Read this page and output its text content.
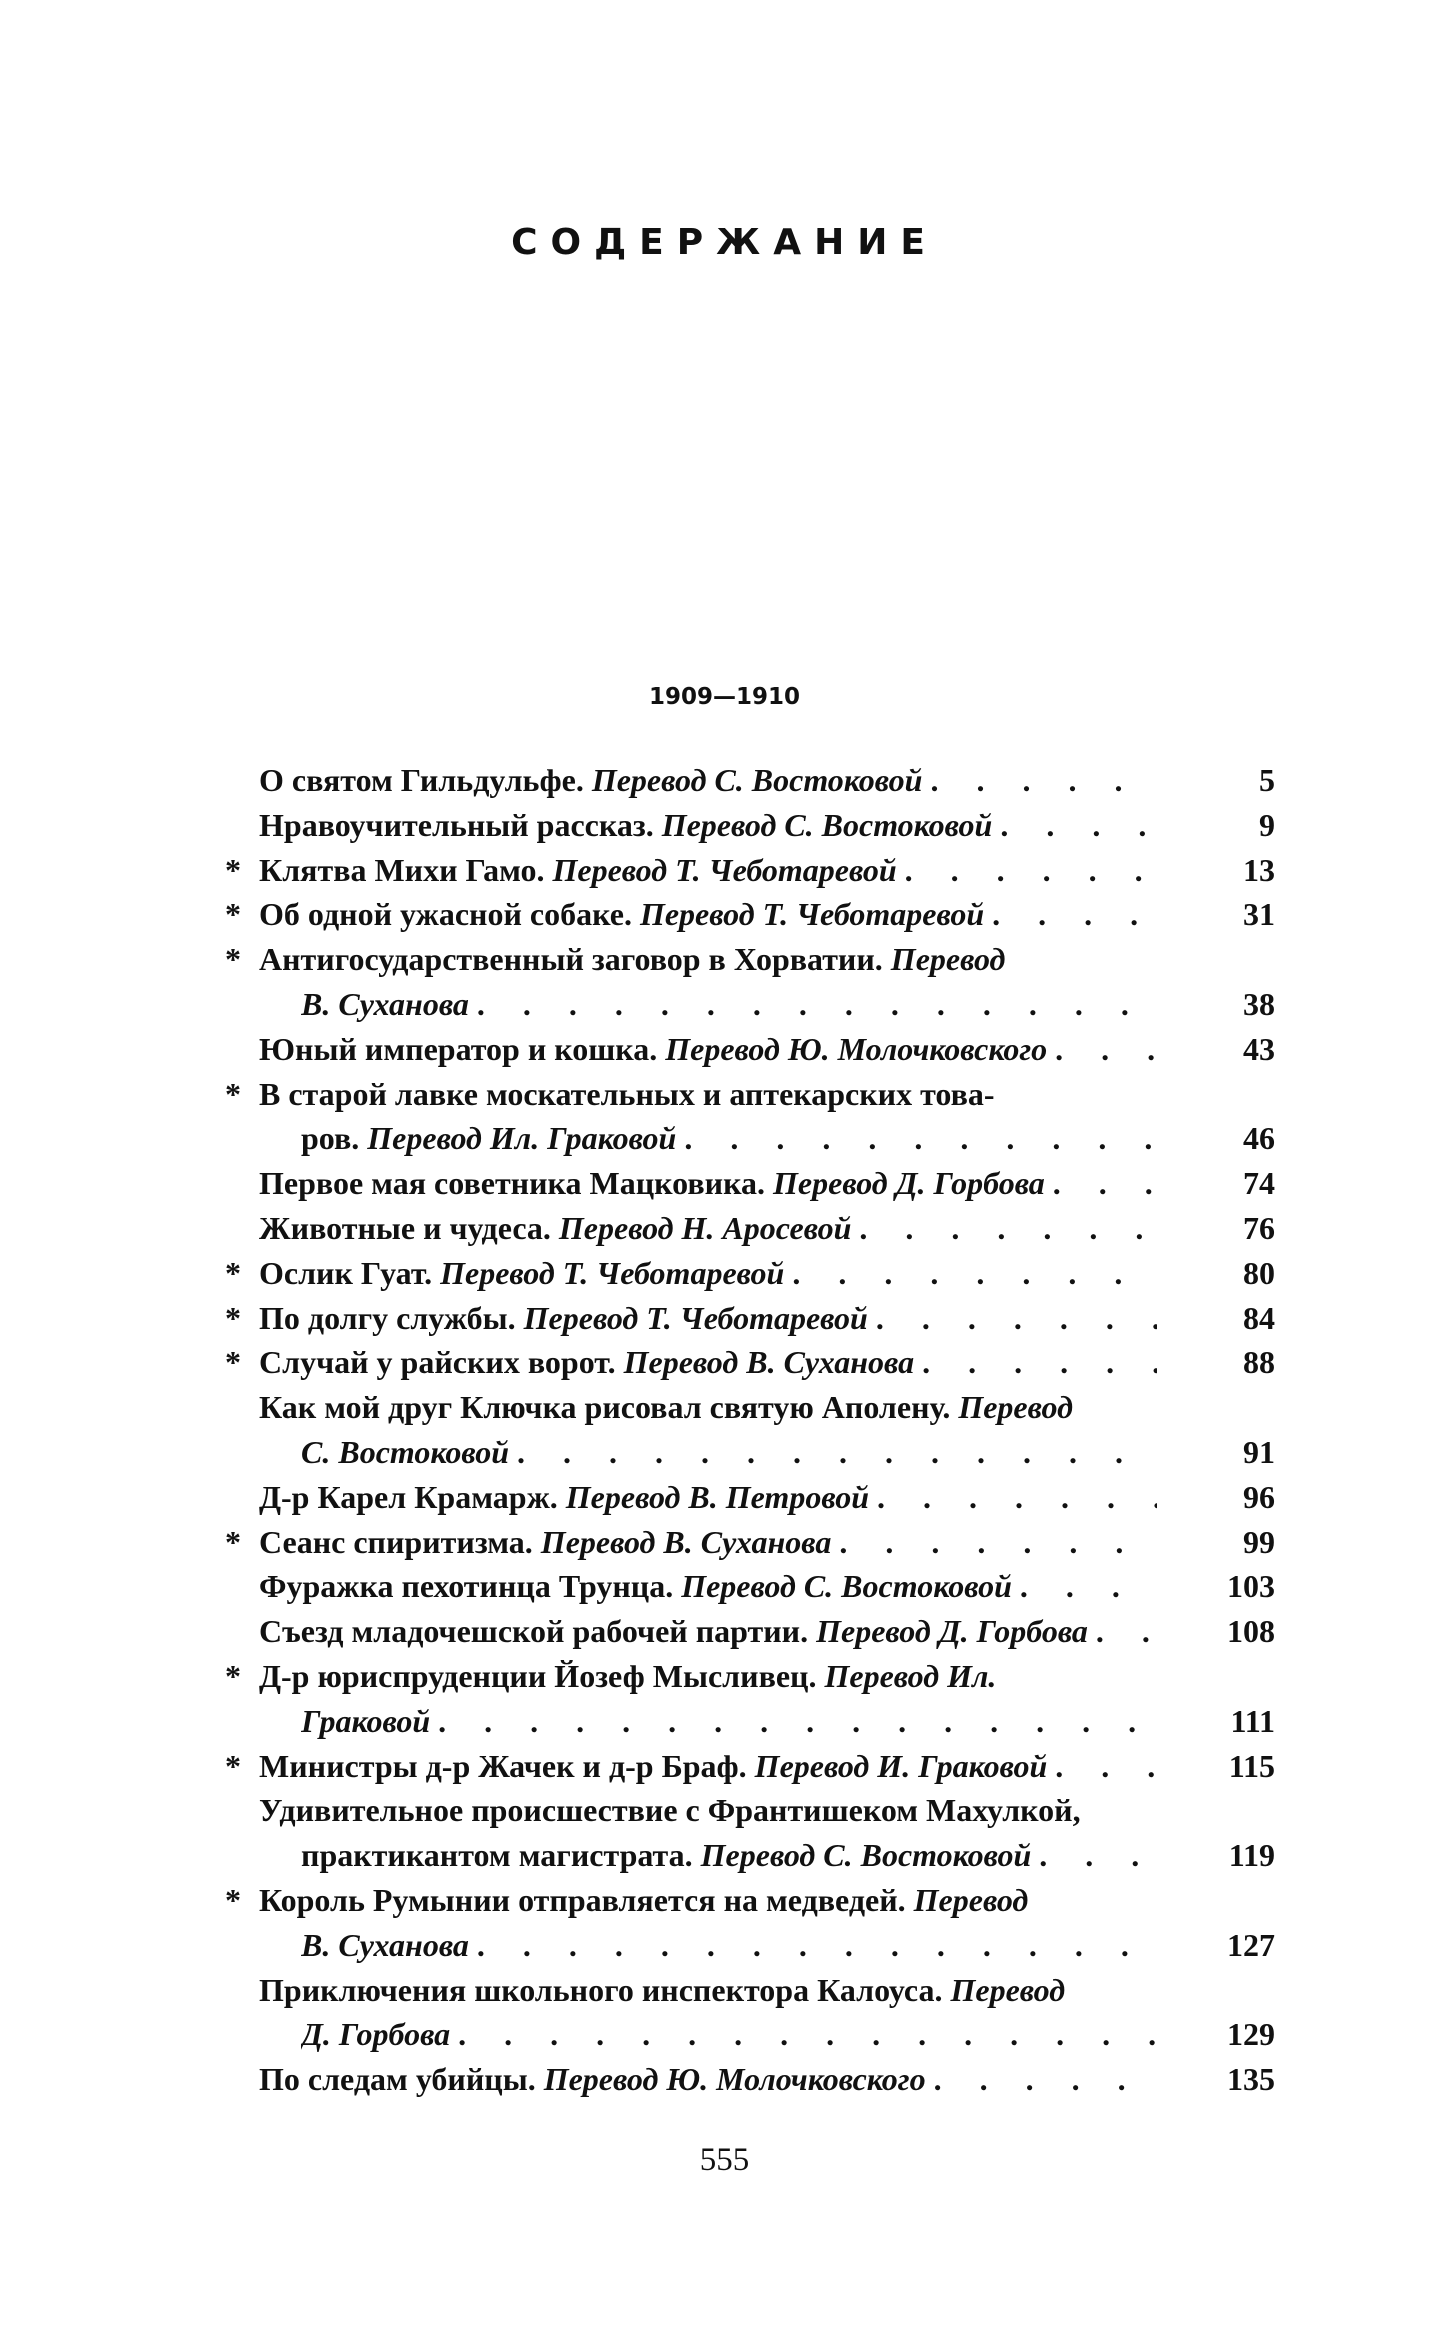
СОДЕРЖАНИЕ
1909—1910
О святом Гильдульфе. Перевод С. Востоковой . . .	5
Нравоучительный рассказ. Перевод С. Востоковой . . .	9
* Клятва Михи Гамо. Перевод Т. Чеботаревой . . .	13
* Об одной ужасной собаке. Перевод Т. Чеботаревой . . .	31
* Антигосударственный заговор в Хорватии. Перевод
В. Суханова . . .	38
Юный император и кошка. Перевод Ю. Молочковского . . .	43
* В старой лавке москательных и аптекарских това-
ров. Перевод Ил. Граковой . . .	46
Первое мая советника Мацковика. Перевод Д. Горбова . . .	74
Животные и чудеса. Перевод Н. Аросевой . . .	76
* Ослик Гуат. Перевод Т. Чеботаревой . . .	80
* По долгу службы. Перевод Т. Чеботаревой . . .	84
* Случай у райских ворот. Перевод В. Суханова . . .	88
Как мой друг Ключка рисовал святую Аполену. Перевод
С. Востоковой . . .	91
Д-р Карел Крамарж. Перевод В. Петровой . . .	96
* Сеанс спиритизма. Перевод В. Суханова . . .	99
Фуражка пехотинца Трунца. Перевод С. Востоковой . . .	103
Съезд младочешской рабочей партии. Перевод Д. Горбова . . .	108
* Д-р юриспруденции Йозеф Мысливец. Перевод Ил.
Граковой . . .	111
* Министры д-р Жачек и д-р Браф. Перевод И. Граковой . . .	115
Удивительное происшествие с Франтишеком Махулкой,
практикантом магистрата. Перевод С. Востоковой . . .	119
* Король Румынии отправляется на медведей. Перевод
В. Суханова . . .	127
Приключения школьного инспектора Калоуса. Перевод
Д. Горбова . . .	129
По следам убийцы. Перевод Ю. Молочковского . . .	135
555
